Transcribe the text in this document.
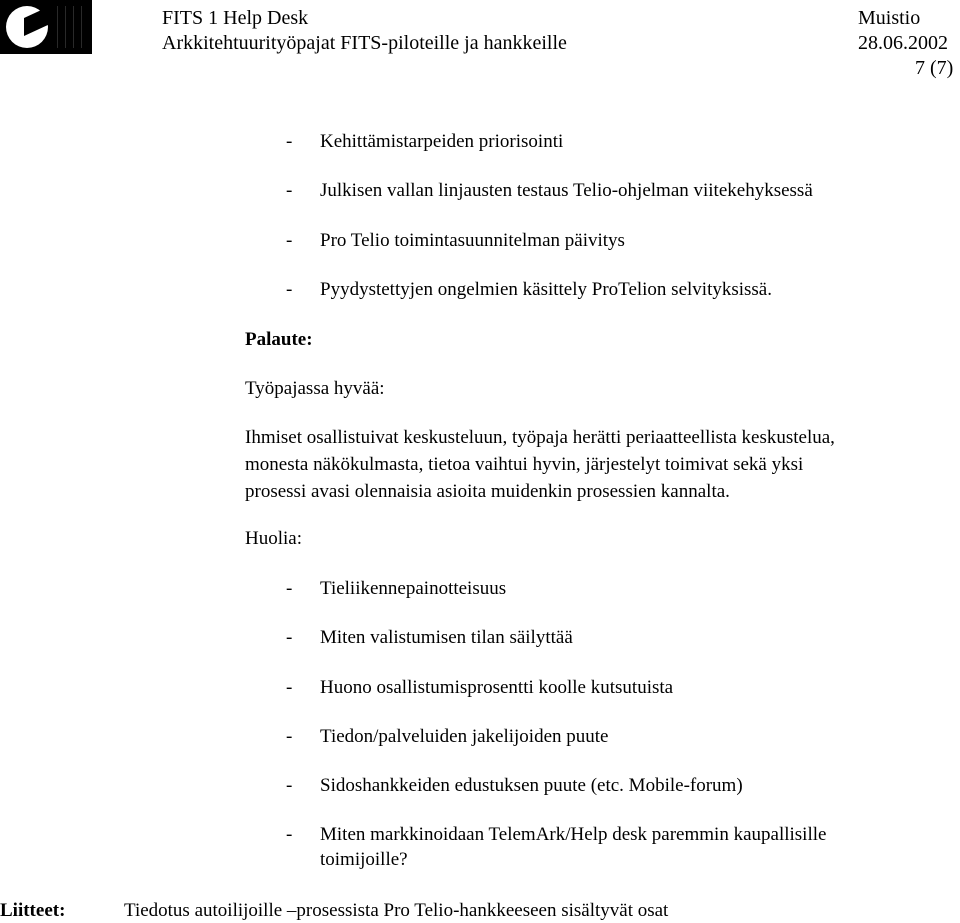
FITS 1 Help Desk
Arkkitehtuurityöpajat FITS-piloteille ja hankkeille
Muistio
28.06.2002
7 (7)
- Kehittämistarpeiden priorisointi
- Julkisen vallan linjausten testaus Telio-ohjelman viitekehyksessä
- Pro Telio toimintasuunnitelman päivitys
- Pyydystettyjen ongelmien käsittely ProTelion selvityksissä.
Palaute:
Työpajassa hyvää:
Ihmiset osallistuivat keskusteluun, työpaja herätti periaatteellista keskustelua,
monesta näkökulmasta, tietoa vaihtui hyvin, järjestelyt toimivat sekä yksi
prosessi avasi olennaisia asioita muidenkin prosessien kannalta.
Huolia:
- Tieliikennepainotteisuus
- Miten valistumisen tilan säilyttää
- Huono osallistumisprosentti koolle kutsutuista
- Tiedon/palveluiden jakelijoiden puute
- Sidoshankkeiden edustuksen puute (etc. Mobile-forum)
- Miten markkinoidaan TelemArk/Help desk paremmin kaupallisille
toimijoille?
Liitteet:	Tiedotus autoilijoille –prosessista Pro Telio-hankkeeseen sisältyvät osat
